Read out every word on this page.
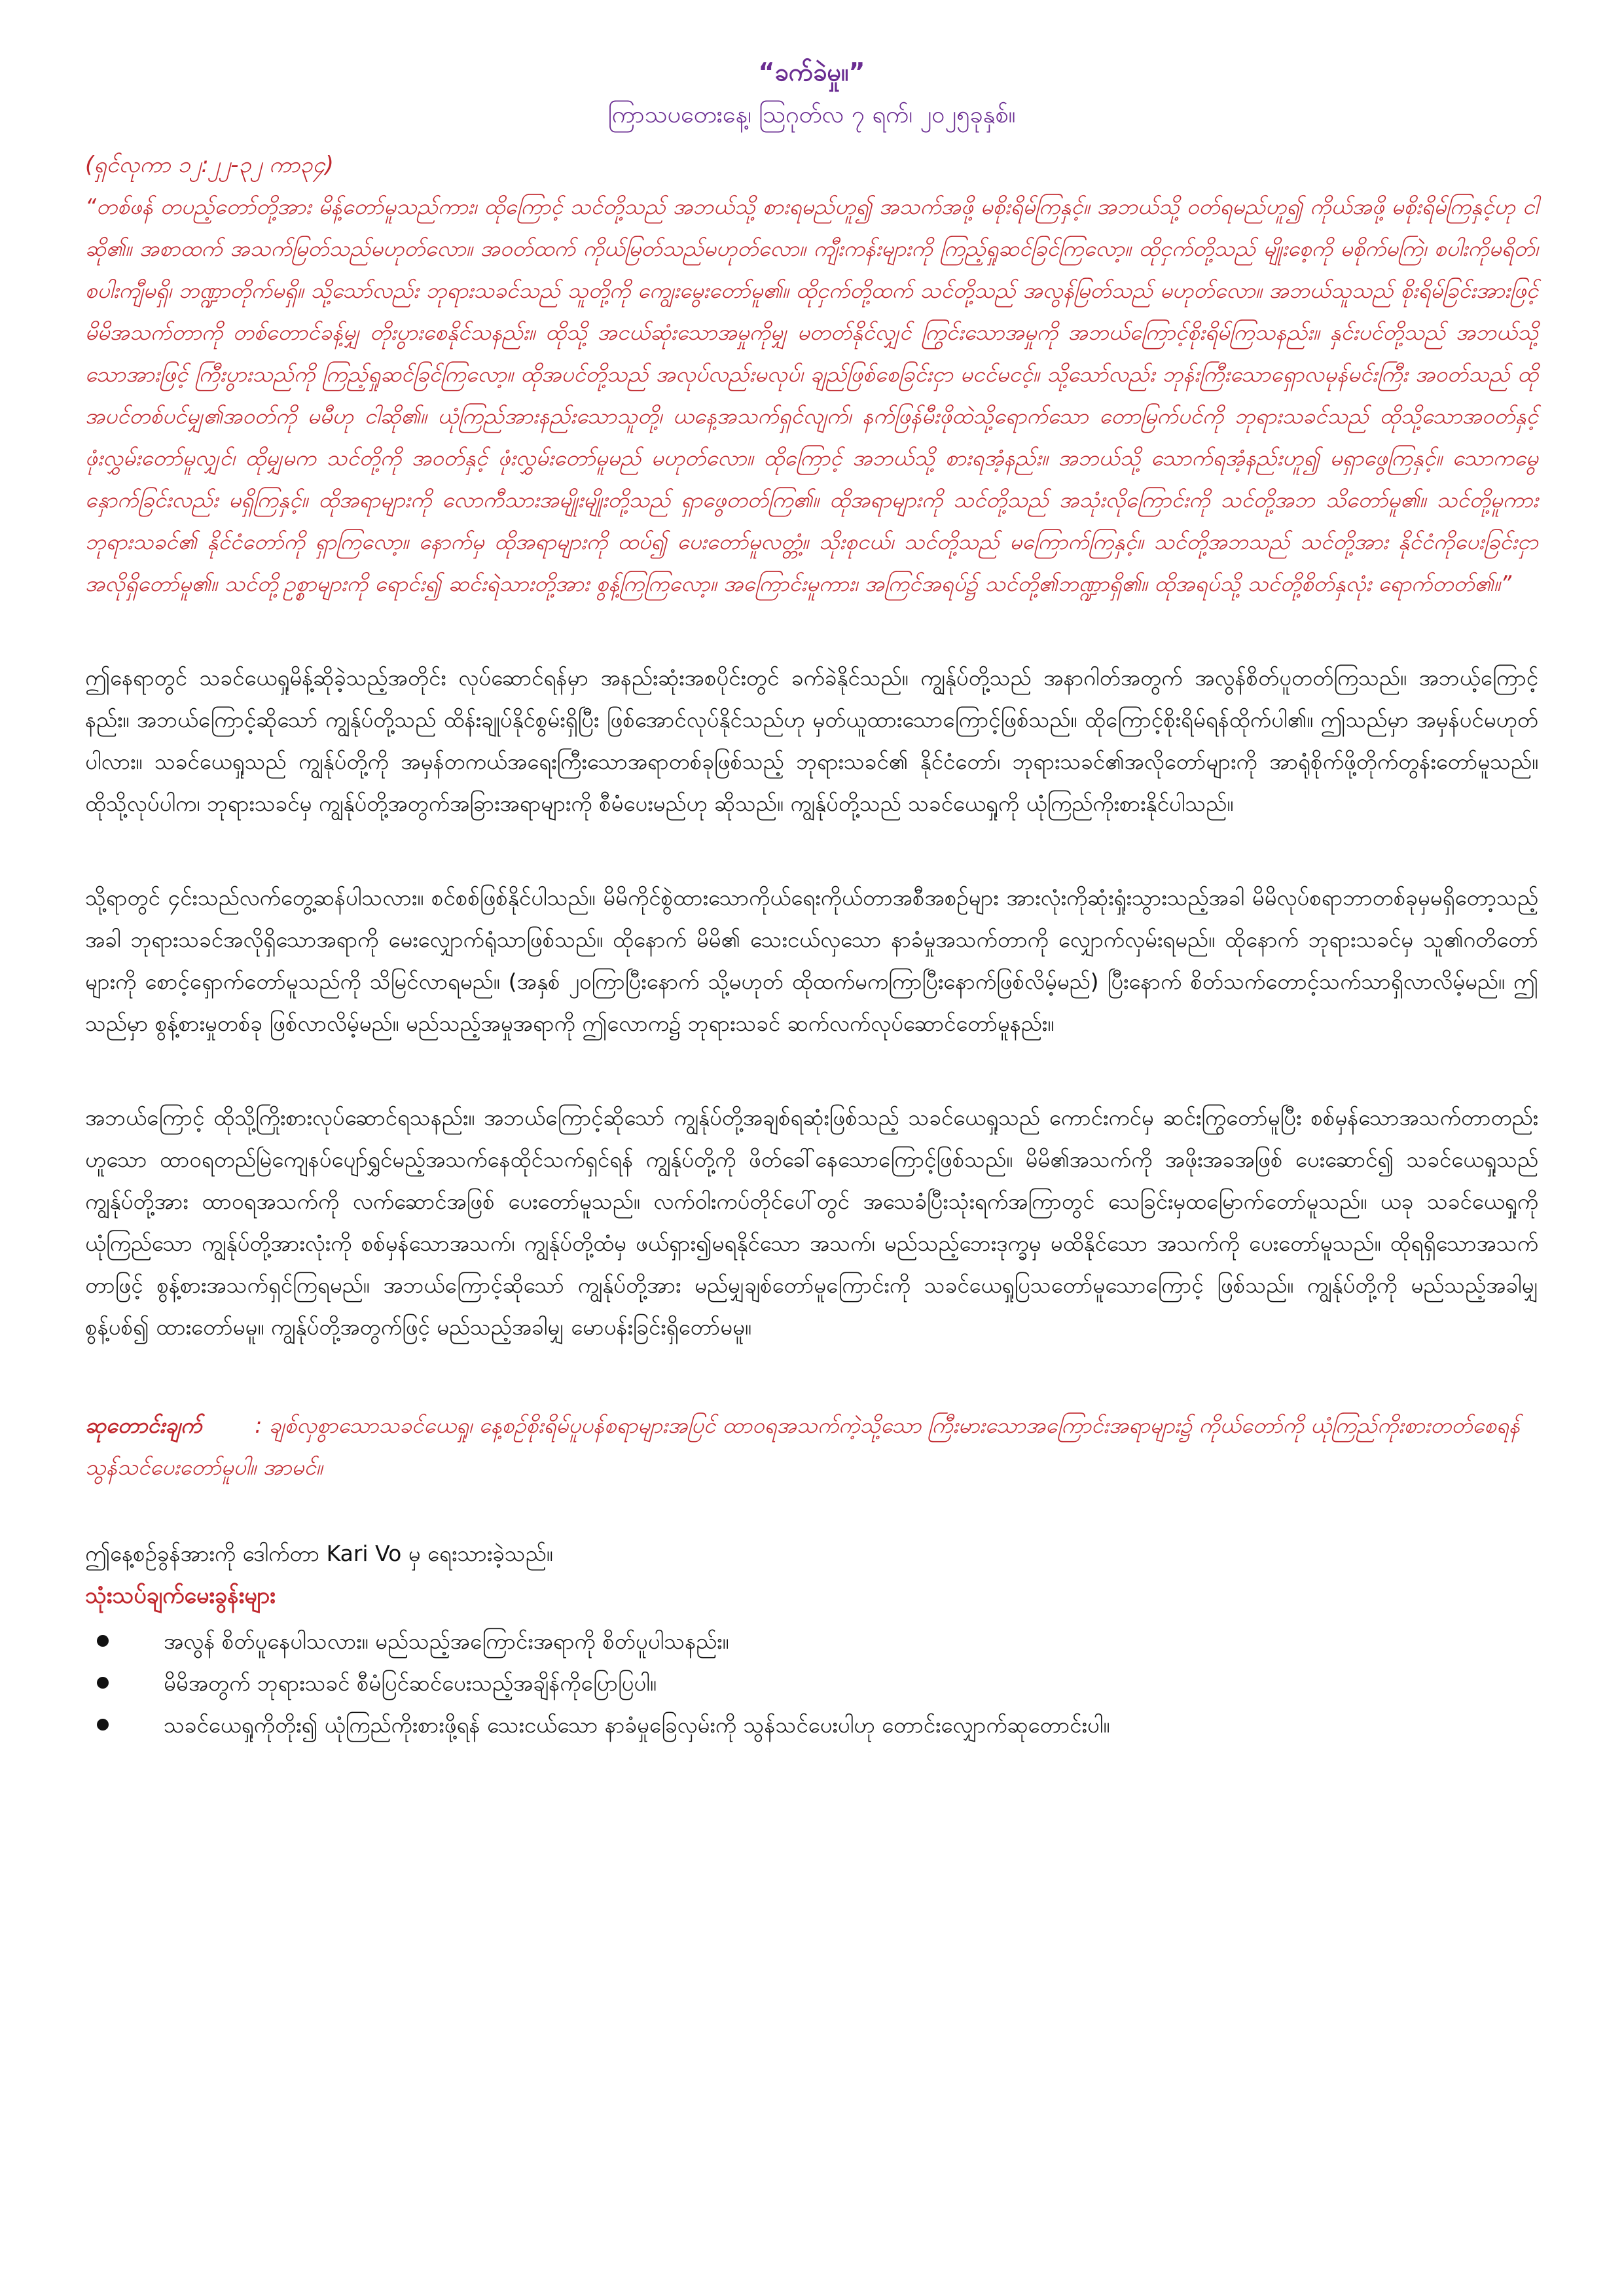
“ခက်ခဲမှု။”
ကြာသပတေးနေ့၊ ဩဂုတ်လ ၇ ရက်၊ ၂၀၂၅ခုနှစ်။
(ရှင်လုကာ ၁၂:၂၂-၃၂ ကာ၃၄)
“တစ်ဖန် တပည့်တော်တို့အား မိန့်တော်မူသည်ကား၊ ထိုကြောင့် သင်တို့သည် အဘယ်သို့ စားရမည်ဟူ၍ အသက်အဖို့ မစိုးရိမ်ကြနှင့်။ အဘယ်သို့ ဝတ်ရမည်ဟူ၍ ကိုယ်အဖို့ မစိုးရိမ်ကြနှင့်ဟု ငါဆို၏။ အစာထက် အသက်မြတ်သည်မဟုတ်လော။ အဝတ်ထက် ကိုယ်မြတ်သည်မဟုတ်လော။ ကျီးကန်းများကို ကြည့်ရှုဆင်ခြင်ကြလော့။ ထိုငှက်တို့သည် မျိုးစေ့ကို မစိုက်မကြဲ၊ စပါးကိုမရိတ်၊ စပါးကျီမရှိ၊ ဘဏ္ဍာတိုက်မရှိ။ သို့သော်လည်း ဘုရားသခင်သည် သူတို့ကို ကျွေးမွေးတော်မူ၏။ ထိုငှက်တို့ထက် သင်တို့သည် အလွန်မြတ်သည် မဟုတ်လော။ အဘယ်သူသည် စိုးရိမ်ခြင်းအားဖြင့် မိမိအသက်တာကို တစ်တောင်ခန့်မျှ တိုးပွားစေနိုင်သနည်း။ ထိုသို့ အငယ်ဆုံးသောအမှုကိုမျှ မတတ်နိုင်လျှင် ကြွင်းသောအမှုကို အဘယ်ကြောင့်စိုးရိမ်ကြသနည်း။ နှင်းပင်တို့သည် အဘယ်သို့သောအားဖြင့် ကြီးပွားသည်ကို ကြည့်ရှုဆင်ခြင်ကြလော့။ ထိုအပင်တို့သည် အလုပ်လည်းမလုပ်၊ ချည်ဖြစ်စေခြင်းငှာ မငင်မငင့်။ သို့သော်လည်း ဘုန်းကြီးသောရှောလမုန်မင်းကြီး အဝတ်သည် ထိုအပင်တစ်ပင်မျှ၏အဝတ်ကို မမီဟု ငါဆို၏။ ယုံကြည်အားနည်းသောသူတို့၊ ယနေ့အသက်ရှင်လျက်၊ နက်ဖြန်မီးဖိုထဲသို့ရောက်သော တောမြက်ပင်ကို ဘုရားသခင်သည် ထိုသို့သောအဝတ်နှင့် ဖုံးလွှမ်းတော်မူလျှင်၊ ထိုမျှမက သင်တို့ကို အဝတ်နှင့် ဖုံးလွှမ်းတော်မူမည် မဟုတ်လော။ ထိုကြောင့် အဘယ်သို့ စားရအံ့နည်း။ အဘယ်သို့ သောက်ရအံ့နည်းဟူ၍ မရှာဖွေကြနှင့်။ သောကမွေနှောက်ခြင်းလည်း မရှိကြနှင့်။ ထိုအရာများကို လောကီသားအမျိုးမျိုးတို့သည် ရှာဖွေတတ်ကြ၏။ ထိုအရာများကို သင်တို့သည် အသုံးလိုကြောင်းကို သင်တို့အဘ သိတော်မူ၏။ သင်တို့မူကား ဘုရားသခင်၏ နိုင်ငံတော်ကို ရှာကြလော့။ နောက်မှ ထိုအရာများကို ထပ်၍ ပေးတော်မူလတ္တံ့။ သိုးစုငယ်၊ သင်တို့သည် မကြောက်ကြနှင့်။ သင်တို့အဘသည် သင်တို့အား နိုင်ငံကိုပေးခြင်းငှာ အလိုရှိတော်မူ၏။ သင်တို့ဥစ္စာများကို ရောင်း၍ ဆင်းရဲသားတို့အား စွန့်ကြကြလော့။ အကြောင်းမူကား၊ အကြင်အရပ်၌ သင်တို့၏ဘဏ္ဍာရှိ၏။ ထိုအရပ်သို့ သင်တို့စိတ်နှလုံး ရောက်တတ်၏။”
ဤနေရာတွင် သခင်ယေရှုမိန့်ဆိုခဲ့သည့်အတိုင်း လုပ်ဆောင်ရန်မှာ အနည်းဆုံးအစပိုင်းတွင် ခက်ခဲနိုင်သည်။ ကျွန်ုပ်တို့သည် အနာဂါတ်အတွက် အလွန်စိတ်ပူတတ်ကြသည်။ အဘယ့်ကြောင့်နည်း။ အဘယ်ကြောင့်ဆိုသော် ကျွန်ုပ်တို့သည် ထိန်းချုပ်နိုင်စွမ်းရှိပြီး ဖြစ်အောင်လုပ်နိုင်သည်ဟု မှတ်ယူထားသောကြောင့်ဖြစ်သည်။ ထိုကြောင့်စိုးရိမ်ရန်ထိုက်ပါ၏။ ဤသည်မှာ အမှန်ပင်မဟုတ်ပါလား။ သခင်ယေရှုသည် ကျွန်ုပ်တို့ကို အမှန်တကယ်အရေးကြီးသောအရာတစ်ခုဖြစ်သည့် ဘုရားသခင်၏ နိုင်ငံတော်၊ ဘုရားသခင်၏အလိုတော်များကို အာရုံစိုက်ဖို့တိုက်တွန်းတော်မူသည်။ ထိုသို့လုပ်ပါက၊ ဘုရားသခင်မှ ကျွန်ုပ်တို့အတွက်အခြားအရာများကို စီမံပေးမည်ဟု ဆိုသည်။ ကျွန်ုပ်တို့သည် သခင်ယေရှုကို ယုံကြည်ကိုးစားနိုင်ပါသည်။
သို့ရာတွင် ၄င်းသည်လက်တွေ့ဆန်ပါသလား။ စင်စစ်ဖြစ်နိုင်ပါသည်။ မိမိကိုင်စွဲထားသောကိုယ်ရေးကိုယ်တာအစီအစဉ်များ အားလုံးကိုဆုံးရှုံးသွားသည့်အခါ မိမိလုပ်စရာဘာတစ်ခုမှမရှိတော့သည့်အခါ ဘုရားသခင်အလိုရှိသောအရာကို မေးလျှောက်ရုံသာဖြစ်သည်။ ထိုနောက် မိမိ၏ သေးငယ်လှသော နာခံမှုအသက်တာကို လျှောက်လှမ်းရမည်။ ထိုနောက် ဘုရားသခင်မှ သူ၏ဂတိတော်များကို စောင့်ရှောက်တော်မူသည်ကို သိမြင်လာရမည်။ (အနှစ် ၂၀ကြာပြီးနောက် သို့မဟုတ် ထိုထက်မကကြာပြီးနောက်ဖြစ်လိမ့်မည်) ပြီးနောက် စိတ်သက်တောင့်သက်သာရှိလာလိမ့်မည်။ ဤသည်မှာ စွန့်စားမှုတစ်ခု ဖြစ်လာလိမ့်မည်။ မည်သည့်အမှုအရာကို ဤလောက၌ ဘုရားသခင် ဆက်လက်လုပ်ဆောင်တော်မူနည်း။
အဘယ်ကြောင့် ထိုသို့ကြိုးစားလုပ်ဆောင်ရသနည်း။ အဘယ်ကြောင့်ဆိုသော် ကျွန်ုပ်တို့အချစ်ရဆုံးဖြစ်သည့် သခင်ယေရှုသည် ကောင်းကင်မှ ဆင်းကြွတော်မူပြီး စစ်မှန်သောအသက်တာတည်းဟူသော ထာဝရတည်မြဲကျေနပ်ပျော်ရွှင်မည့်အသက်နေထိုင်သက်ရှင်ရန် ကျွန်ုပ်တို့ကို ဖိတ်ခေါ်နေသောကြောင့်ဖြစ်သည်။ မိမိ၏အသက်ကို အဖိုးအခအဖြစ် ပေးဆောင်၍ သခင်ယေရှုသည် ကျွန်ုပ်တို့အား ထာဝရအသက်ကို လက်ဆောင်အဖြစ် ပေးတော်မူသည်။ လက်ဝါးကပ်တိုင်ပေါ်တွင် အသေခံပြီးသုံးရက်အကြာတွင် သေခြင်းမှထမြောက်တော်မူသည်။ ယခု သခင်ယေရှုကို ယုံကြည်သော ကျွန်ုပ်တို့အားလုံးကို စစ်မှန်သောအသက်၊ ကျွန်ုပ်တို့ထံမှ ဖယ်ရှား၍မရနိုင်သော အသက်၊ မည်သည့်ဘေးဒုက္ခမှ မထိနိုင်သော အသက်ကို ပေးတော်မူသည်။ ထိုရရှိသောအသက်တာဖြင့် စွန့်စားအသက်ရှင်ကြရမည်။ အဘယ်ကြောင့်ဆိုသော် ကျွန်ုပ်တို့အား မည်မျှချစ်တော်မူကြောင်းကို သခင်ယေရှုပြသတော်မူသောကြောင့် ဖြစ်သည်။ ကျွန်ုပ်တို့ကို မည်သည့်အခါမျှ စွန့်ပစ်၍ ထားတော်မမူ။ ကျွန်ုပ်တို့အတွက်ဖြင့် မည်သည့်အခါမျှ မောပန်းခြင်းရှိတော်မမူ။
ဆုတောင်းချက် : ချစ်လှစွာသောသခင်ယေရှု၊ နေ့စဉ်စိုးရိမ်ပူပန်စရာများအပြင် ထာဝရအသက်ကဲ့သို့သော ကြီးမားသောအကြောင်းအရာများ၌ ကိုယ်တော်ကို ယုံကြည်ကိုးစားတတ်စေရန် သွန်သင်ပေးတော်မူပါ။ အာမင်။
ဤနေ့စဉ်ခွန်အားကို ဒေါက်တာ Kari Vo မှ ရေးသားခဲ့သည်။
သုံးသပ်ချက်မေးခွန်းများ
အလွန် စိတ်ပူနေပါသလား။ မည်သည့်အကြောင်းအရာကို စိတ်ပူပါသနည်း။
မိမိအတွက် ဘုရားသခင် စီမံပြင်ဆင်ပေးသည့်အချိန်ကိုပြောပြပါ။
သခင်ယေရှုကိုတိုး၍ ယုံကြည်ကိုးစားဖို့ရန် သေးငယ်သော နာခံမှုခြေလှမ်းကို သွန်သင်ပေးပါဟု တောင်းလျှောက်ဆုတောင်းပါ။
